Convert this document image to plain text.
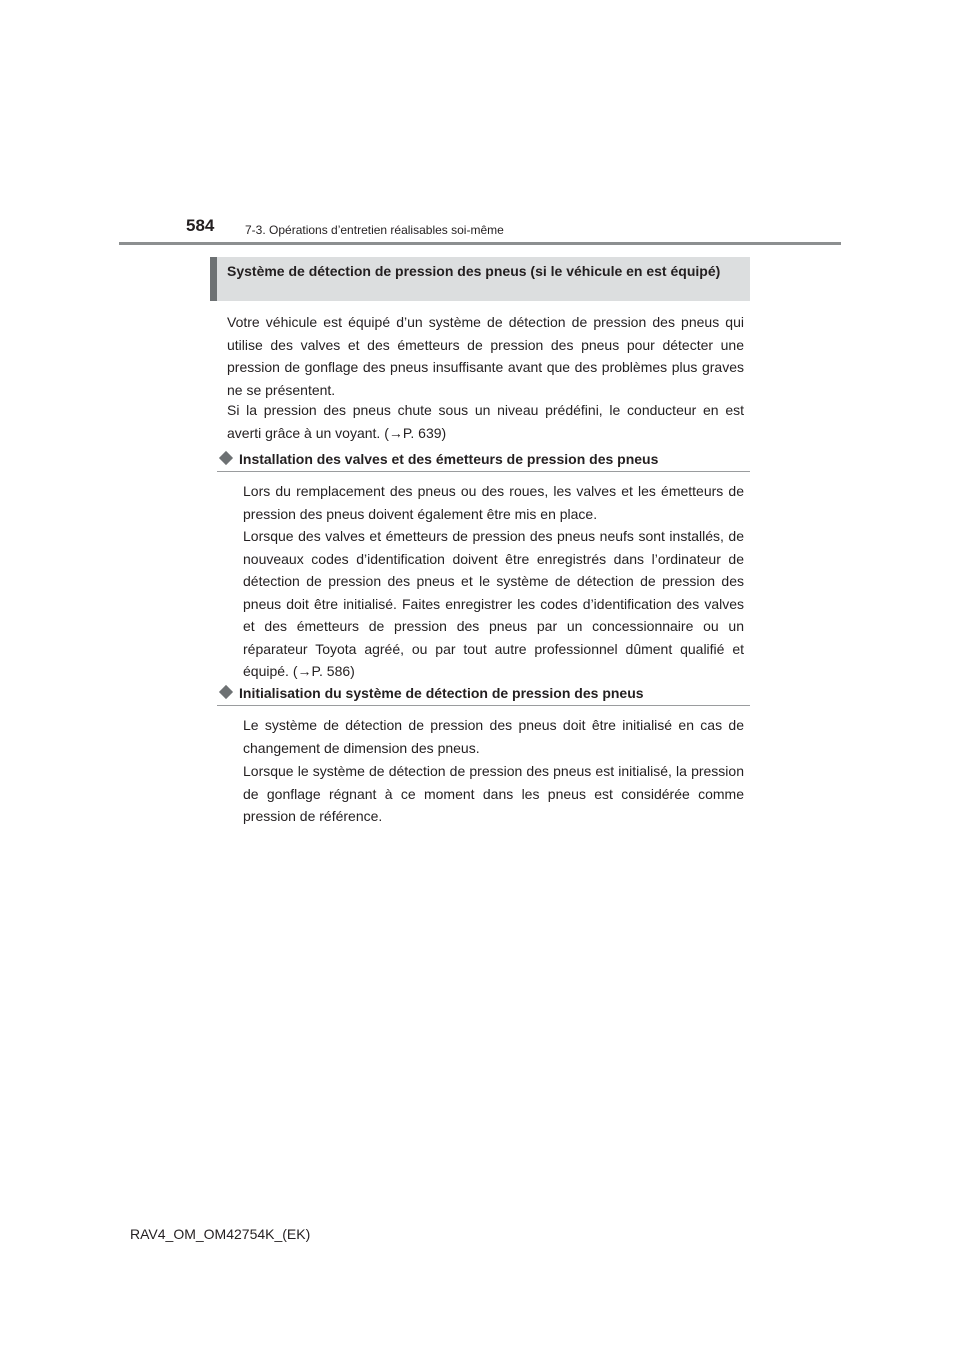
584	7-3. Opérations d’entretien réalisables soi-même
Système de détection de pression des pneus (si le véhicule en est équipé)

Votre véhicule est équipé d’un système de détection de pression des pneus qui utilise des valves et des émetteurs de pression des pneus pour détecter une pression de gonflage des pneus insuffisante avant que des problèmes plus graves ne se présentent.

Si la pression des pneus chute sous un niveau prédéfini, le conducteur en est averti grâce à un voyant. (→P. 639)

Installation des valves et des émetteurs de pression des pneus

Lors du remplacement des pneus ou des roues, les valves et les émetteurs de pression des pneus doivent également être mis en place.

Lorsque des valves et émetteurs de pression des pneus neufs sont installés, de nouveaux codes d’identification doivent être enregistrés dans l’ordinateur de détection de pression des pneus et le système de détection de pression des pneus doit être initialisé. Faites enregistrer les codes d’identification des valves et des émetteurs de pression des pneus par un concessionnaire ou un réparateur Toyota agréé, ou par tout autre professionnel dûment qualifié et équipé. (→P. 586)

Initialisation du système de détection de pression des pneus

Le système de détection de pression des pneus doit être initialisé en cas de changement de dimension des pneus.

Lorsque le système de détection de pression des pneus est initialisé, la pression de gonflage régnant à ce moment dans les pneus est considérée comme pression de référence.

RAV4_OM_OM42754K_(EK)
